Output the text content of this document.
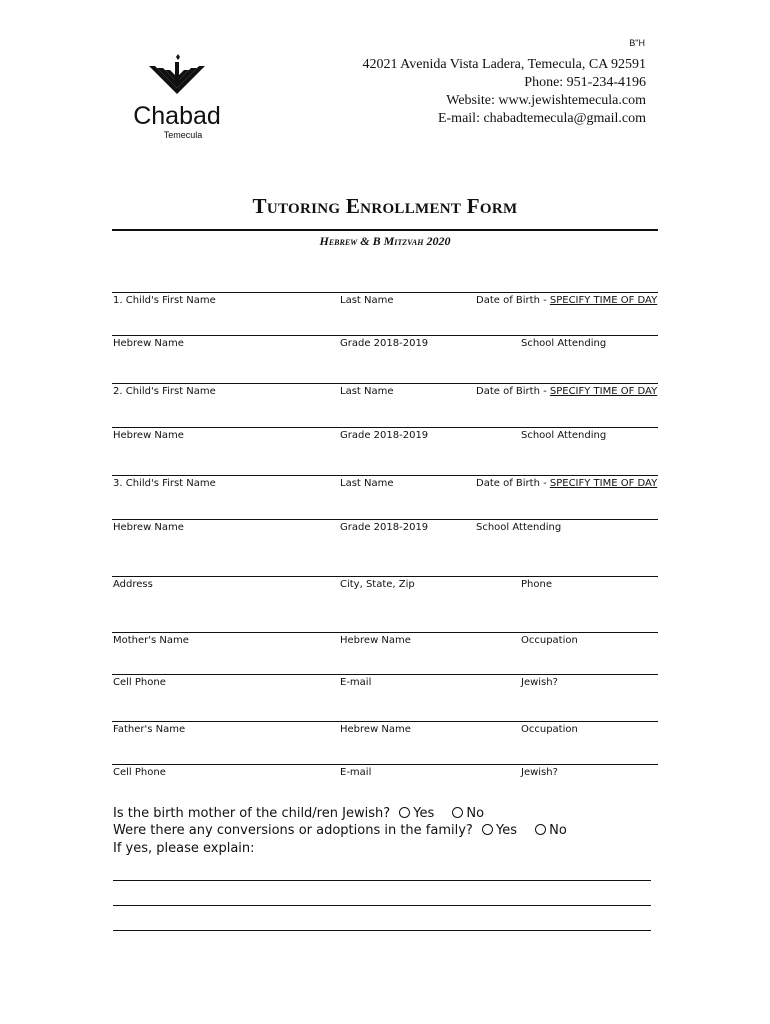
B"H
Chabad
Temecula
42021 Avenida Vista Ladera, Temecula, CA 92591
Phone: 951-234-4196
Website: www.jewishtemecula.com
E-mail: chabadtemecula@gmail.com
Tutoring Enrollment Form
Hebrew & B Mitzvah 2020
1. Child's First Name	Last Name	Date of Birth - SPECIFY TIME OF DAY
Hebrew Name	Grade 2018-2019	School Attending
2. Child's First Name	Last Name	Date of Birth - SPECIFY TIME OF DAY
Hebrew Name	Grade 2018-2019	School Attending
3. Child's First Name	Last Name	Date of Birth - SPECIFY TIME OF DAY
Hebrew Name	Grade 2018-2019	School Attending
Address	City, State, Zip	Phone
Mother's Name	Hebrew Name	Occupation
Cell Phone	E-mail	Jewish?
Father's Name	Hebrew Name	Occupation
Cell Phone	E-mail	Jewish?
Is the birth mother of the child/ren Jewish? Yes No
Were there any conversions or adoptions in the family? Yes No
If yes, please explain:
